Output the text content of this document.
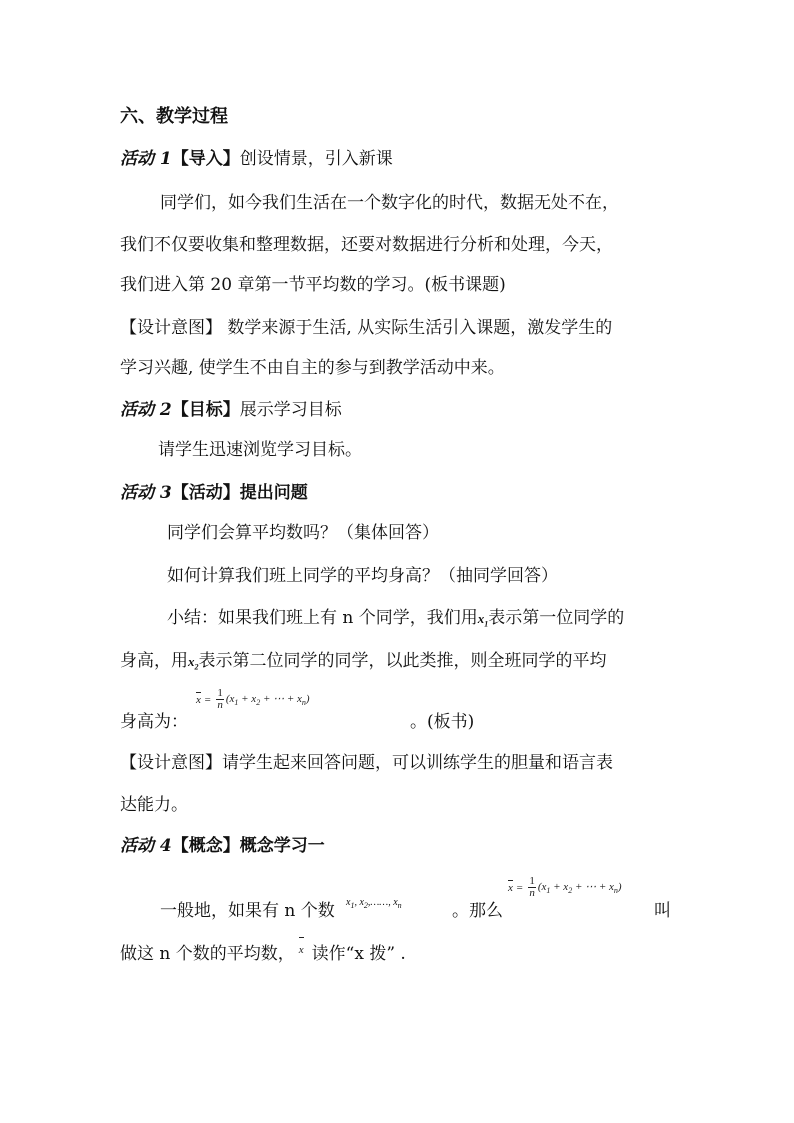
六、教学过程
活动 1【导入】创设情景，引入新课
同学们，如今我们生活在一个数字化的时代，数据无处不在，
我们不仅要收集和整理数据，还要对数据进行分析和处理，今天，
我们进入第 20 章第一节平均数的学习。(板书课题)
【设计意图】 数学来源于生活, 从实际生活引入课题，激发学生的
学习兴趣, 使学生不由自主的参与到教学活动中来。
活动 2【目标】展示学习目标
请学生迅速浏览学习目标。
活动 3【活动】提出问题
同学们会算平均数吗？（集体回答）
如何计算我们班上同学的平均身高？（抽同学回答）
小结：如果我们班上有 n 个同学，我们用$x_1$表示第一位同学的
身高，用$x_2$表示第二位同学的同学，以此类推，则全班同学的平均
$x = \frac{1}{n} (x_1 + x_2$ + ⋯ + $x_n$)
身高为：	。(板书)
【设计意图】请学生起来回答问题，可以训练学生的胆量和语言表
达能力。
活动 4【概念】概念学习一
一般地，如果有 n 个数 $x_1$, $x_2,\dots\dots$, $x_n$	。那么
$x = \frac{1}{n} (x_1 + x_2$ + ⋯ + $x_n$)
叫
做这 n 个数的平均数， x 读作“x 拨” .
